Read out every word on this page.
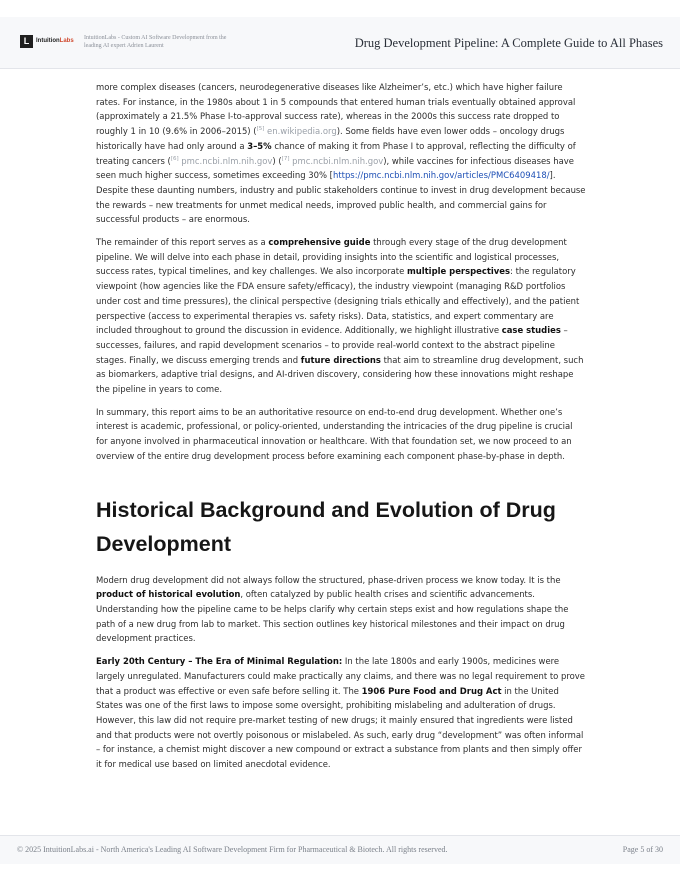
L	IntuitionLabs IntuitionLabs - Custom AI Software Development from the leading AI expert Adrien Laurent	Drug Development Pipeline: A Complete Guide to All Phases

more complex diseases (cancers, neurodegenerative diseases like Alzheimer’s, etc.) which have higher failure rates. For instance, in the 1980s about 1 in 5 compounds that entered human trials eventually obtained approval (approximately a 21.5% Phase I-to-approval success rate), whereas in the 2000s this success rate dropped to roughly 1 in 10 (9.6% in 2006–2015) ([5] en.wikipedia.org). Some fields have even lower odds – oncology drugs historically have had only around a 3–5% chance of making it from Phase I to approval, reflecting the difficulty of treating cancers ([6] pmc.ncbi.nlm.nih.gov) ([7] pmc.ncbi.nlm.nih.gov), while vaccines for infectious diseases have seen much higher success, sometimes exceeding 30% [https://pmc.ncbi.nlm.nih.gov/articles/PMC6409418/]. Despite these daunting numbers, industry and public stakeholders continue to invest in drug development because the rewards – new treatments for unmet medical needs, improved public health, and commercial gains for successful products – are enormous.

The remainder of this report serves as a comprehensive guide through every stage of the drug development pipeline. We will delve into each phase in detail, providing insights into the scientific and logistical processes, success rates, typical timelines, and key challenges. We also incorporate multiple perspectives: the regulatory viewpoint (how agencies like the FDA ensure safety/efficacy), the industry viewpoint (managing R&D portfolios under cost and time pressures), the clinical perspective (designing trials ethically and effectively), and the patient perspective (access to experimental therapies vs. safety risks). Data, statistics, and expert commentary are included throughout to ground the discussion in evidence. Additionally, we highlight illustrative case studies – successes, failures, and rapid development scenarios – to provide real-world context to the abstract pipeline stages. Finally, we discuss emerging trends and future directions that aim to streamline drug development, such as biomarkers, adaptive trial designs, and AI-driven discovery, considering how these innovations might reshape the pipeline in years to come.

In summary, this report aims to be an authoritative resource on end-to-end drug development. Whether one’s interest is academic, professional, or policy-oriented, understanding the intricacies of the drug pipeline is crucial for anyone involved in pharmaceutical innovation or healthcare. With that foundation set, we now proceed to an overview of the entire drug development process before examining each component phase-by-phase in depth.

Historical Background and Evolution of Drug Development

Modern drug development did not always follow the structured, phase-driven process we know today. It is the product of historical evolution, often catalyzed by public health crises and scientific advancements. Understanding how the pipeline came to be helps clarify why certain steps exist and how regulations shape the path of a new drug from lab to market. This section outlines key historical milestones and their impact on drug development practices.

Early 20th Century – The Era of Minimal Regulation: In the late 1800s and early 1900s, medicines were largely unregulated. Manufacturers could make practically any claims, and there was no legal requirement to prove that a product was effective or even safe before selling it. The 1906 Pure Food and Drug Act in the United States was one of the first laws to impose some oversight, prohibiting mislabeling and adulteration of drugs. However, this law did not require pre-market testing of new drugs; it mainly ensured that ingredients were listed and that products were not overtly poisonous or mislabeled. As such, early drug “development” was often informal – for instance, a chemist might discover a new compound or extract a substance from plants and then simply offer it for medical use based on limited anecdotal evidence.

© 2025 IntuitionLabs.ai - North America's Leading AI Software Development Firm for Pharmaceutical & Biotech. All rights reserved.	Page 5 of 30
